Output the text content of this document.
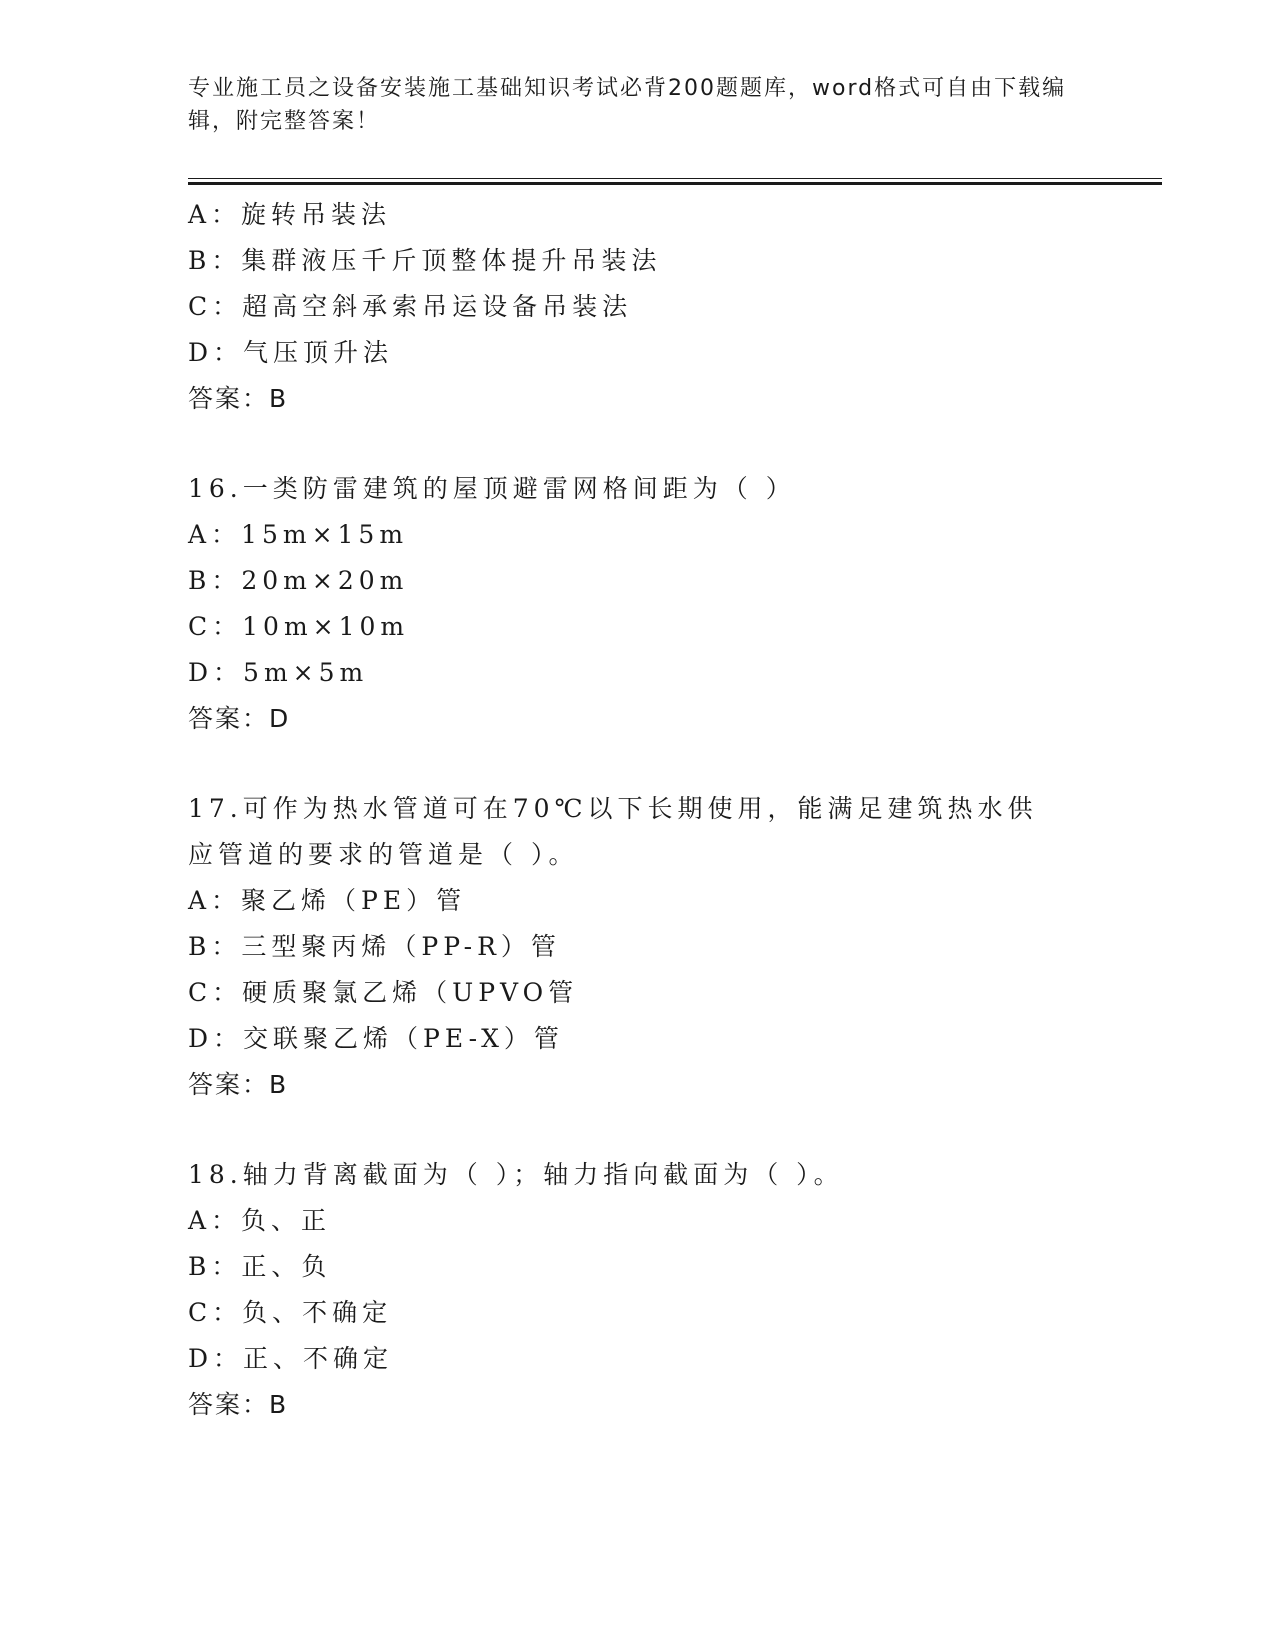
专业施工员之设备安装施工基础知识考试必背200题题库，word格式可自由下载编辑，附完整答案！
A：旋转吊装法
B：集群液压千斤顶整体提升吊装法
C：超高空斜承索吊运设备吊装法
D：气压顶升法
答案：B
16.一类防雷建筑的屋顶避雷网格间距为（ ）
A：15m×15m
B：20m×20m
C：10m×10m
D：5m×5m
答案：D
17.可作为热水管道可在70℃以下长期使用，能满足建筑热水供应管道的要求的管道是（ ）。
A：聚乙烯（PE）管
B：三型聚丙烯（PP-R）管
C：硬质聚氯乙烯（UPVO管
D：交联聚乙烯（PE-X）管
答案：B
18.轴力背离截面为（ ）；轴力指向截面为（ ）。
A：负、正
B：正、负
C：负、不确定
D：正、不确定
答案：B
